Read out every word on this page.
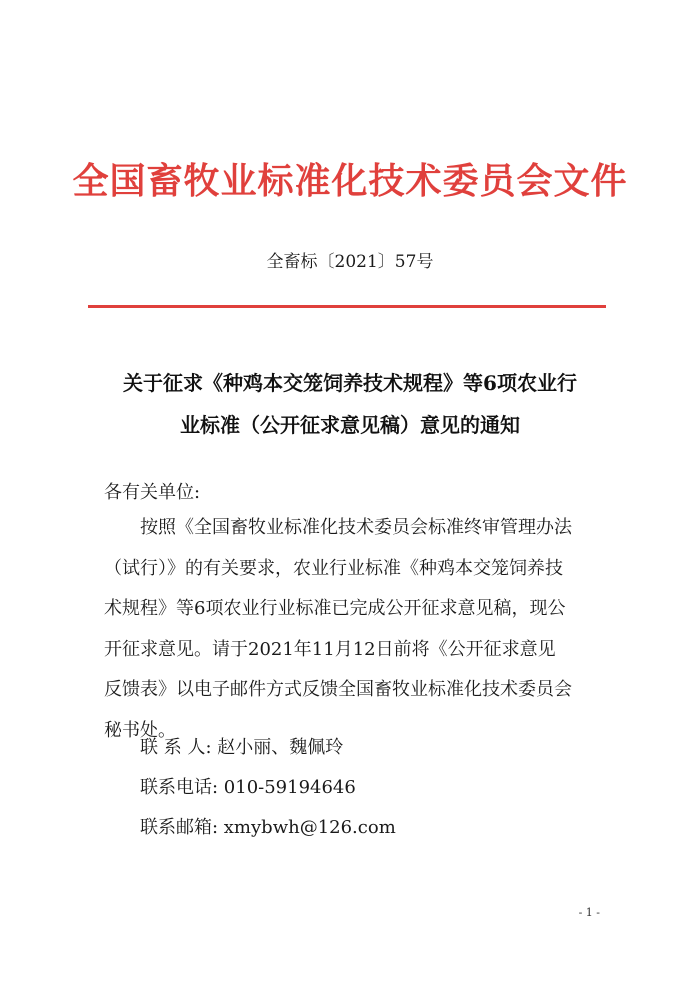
全国畜牧业标准化技术委员会文件
全畜标〔2021〕57号
关于征求《种鸡本交笼饲养技术规程》等6项农业行
业标准（公开征求意见稿）意见的通知
各有关单位:
　　按照《全国畜牧业标准化技术委员会标准终审管理办法
（试行）》的有关要求，农业行业标准《种鸡本交笼饲养技
术规程》等6项农业行业标准已完成公开征求意见稿，现公
开征求意见。请于2021年11月12日前将《公开征求意见
反馈表》以电子邮件方式反馈全国畜牧业标准化技术委员会
秘书处。
联 系 人: 赵小丽、魏佩玲
联系电话: 010-59194646
联系邮箱: xmybwh@126.com
- 1 -
